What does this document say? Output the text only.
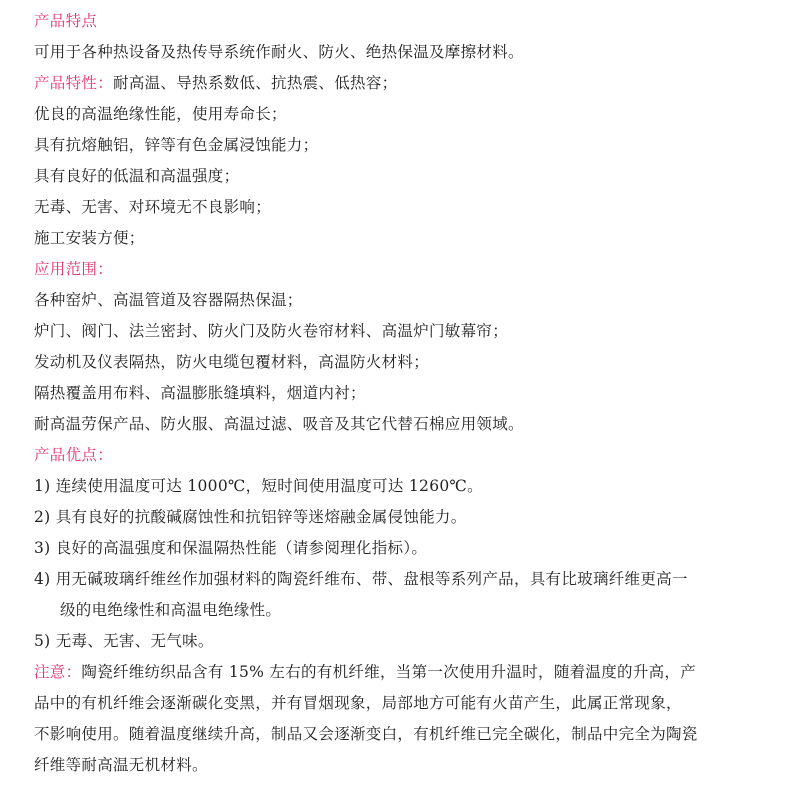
产品特点
可用于各种热设备及热传导系统作耐火、防火、绝热保温及摩擦材料。
产品特性：耐高温、导热系数低、抗热震、低热容；
优良的高温绝缘性能，使用寿命长；
具有抗熔触铝，锌等有色金属浸蚀能力；
具有良好的低温和高温强度；
无毒、无害、对环境无不良影响；
施工安装方便；
应用范围：
各种窑炉、高温管道及容器隔热保温；
炉门、阀门、法兰密封、防火门及防火卷帘材料、高温炉门敏幕帘；
发动机及仪表隔热，防火电缆包覆材料，高温防火材料；
隔热覆盖用布料、高温膨胀缝填料，烟道内衬；
耐高温劳保产品、防火服、高温过滤、吸音及其它代替石棉应用领域。
产品优点：
1) 连续使用温度可达 1000℃，短时间使用温度可达 1260℃。
2) 具有良好的抗酸碱腐蚀性和抗铝锌等迷熔融金属侵蚀能力。
3) 良好的高温强度和保温隔热性能（请参阅理化指标）。
4) 用无碱玻璃纤维丝作加强材料的陶瓷纤维布、带、盘根等系列产品，具有比玻璃纤维更高一
级的电绝缘性和高温电绝缘性。
5) 无毒、无害、无气味。
注意：陶瓷纤维纺织品含有 15% 左右的有机纤维，当第一次使用升温时，随着温度的升高，产
品中的有机纤维会逐渐碳化变黑，并有冒烟现象，局部地方可能有火苗产生，此属正常现象，
不影响使用。随着温度继续升高，制品又会逐渐变白，有机纤维已完全碳化，制品中完全为陶瓷
纤维等耐高温无机材料。
